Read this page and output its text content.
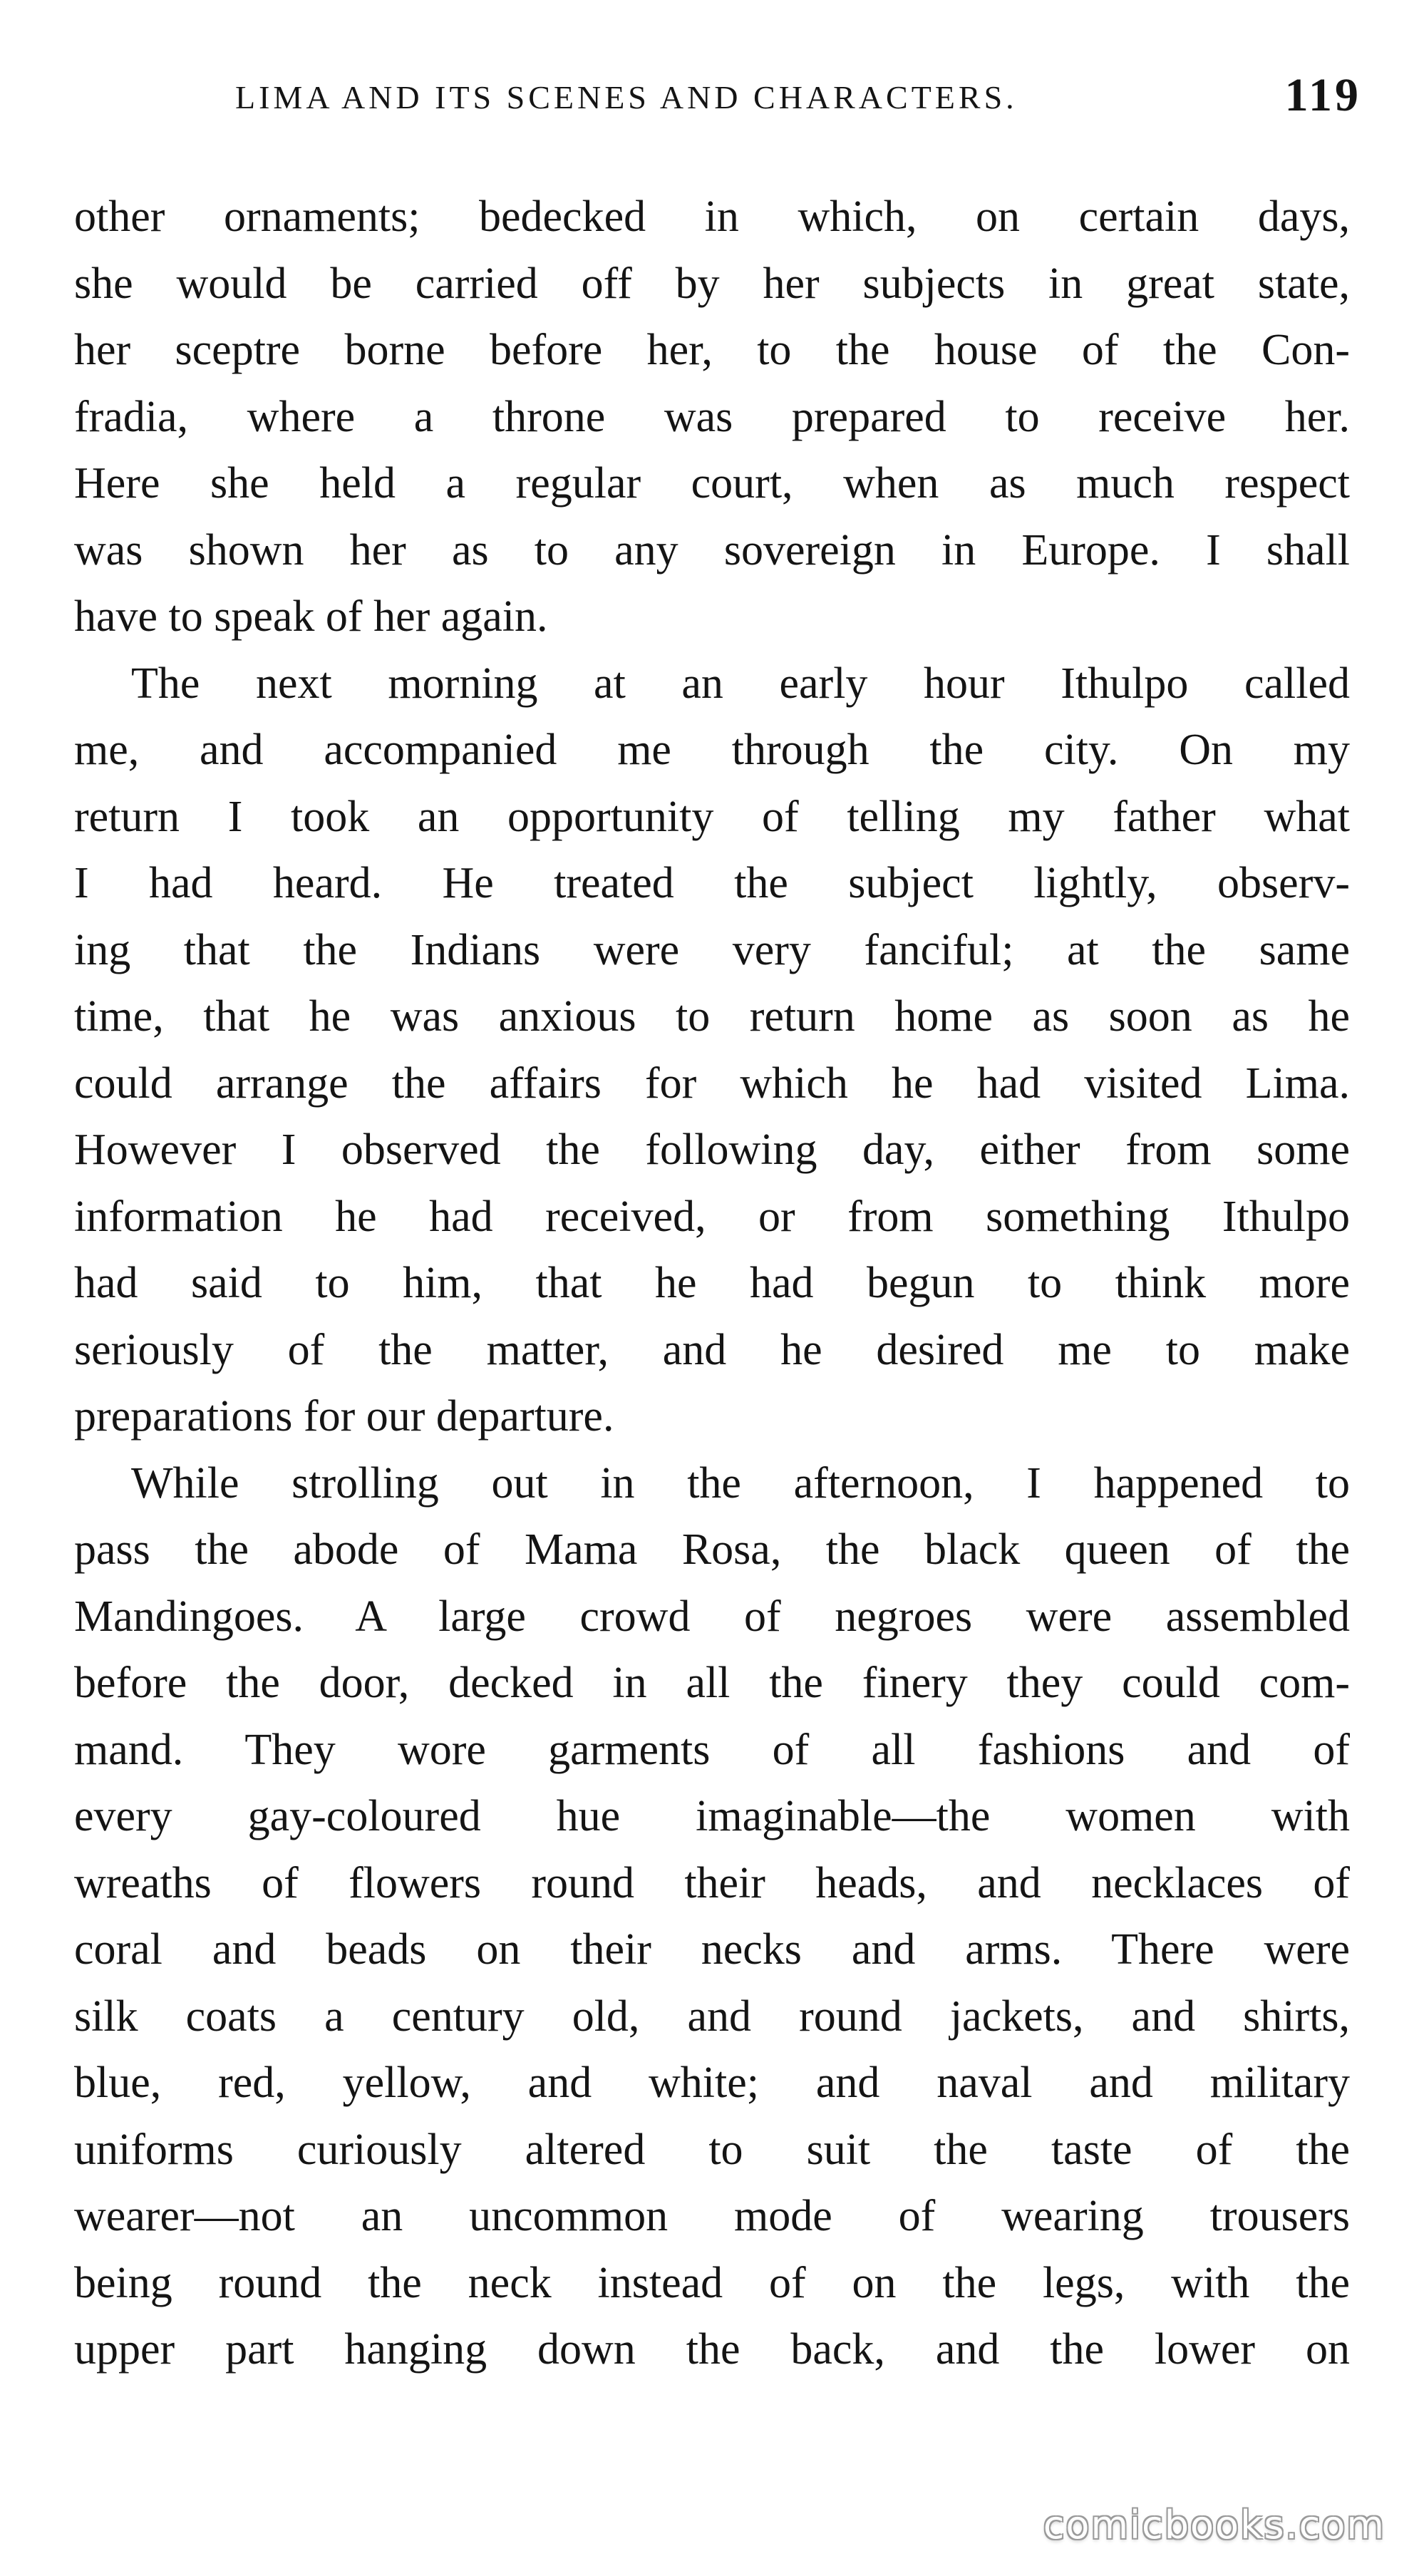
LIMA AND ITS SCENES AND CHARACTERS.	119

other ornaments; bedecked in which, on certain days,
she would be carried off by her subjects in great state,
her sceptre borne before her, to the house of the Con-
fradia, where a throne was prepared to receive her.
Here she held a regular court, when as much respect
was shown her as to any sovereign in Europe. I shall
have to speak of her again.

The next morning at an early hour Ithulpo called
me, and accompanied me through the city. On my
return I took an opportunity of telling my father what
I had heard. He treated the subject lightly, observ-
ing that the Indians were very fanciful; at the same
time, that he was anxious to return home as soon as he
could arrange the affairs for which he had visited Lima.
However I observed the following day, either from some
information he had received, or from something Ithulpo
had said to him, that he had begun to think more
seriously of the matter, and he desired me to make
preparations for our departure.

While strolling out in the afternoon, I happened to
pass the abode of Mama Rosa, the black queen of the
Mandingoes. A large crowd of negroes were assembled
before the door, decked in all the finery they could com-
mand. They wore garments of all fashions and of
every gay-coloured hue imaginable—the women with
wreaths of flowers round their heads, and necklaces of
coral and beads on their necks and arms. There were
silk coats a century old, and round jackets, and shirts,
blue, red, yellow, and white; and naval and military
uniforms curiously altered to suit the taste of the
wearer—not an uncommon mode of wearing trousers
being round the neck instead of on the legs, with the
upper part hanging down the back, and the lower on

comicbooks.com
